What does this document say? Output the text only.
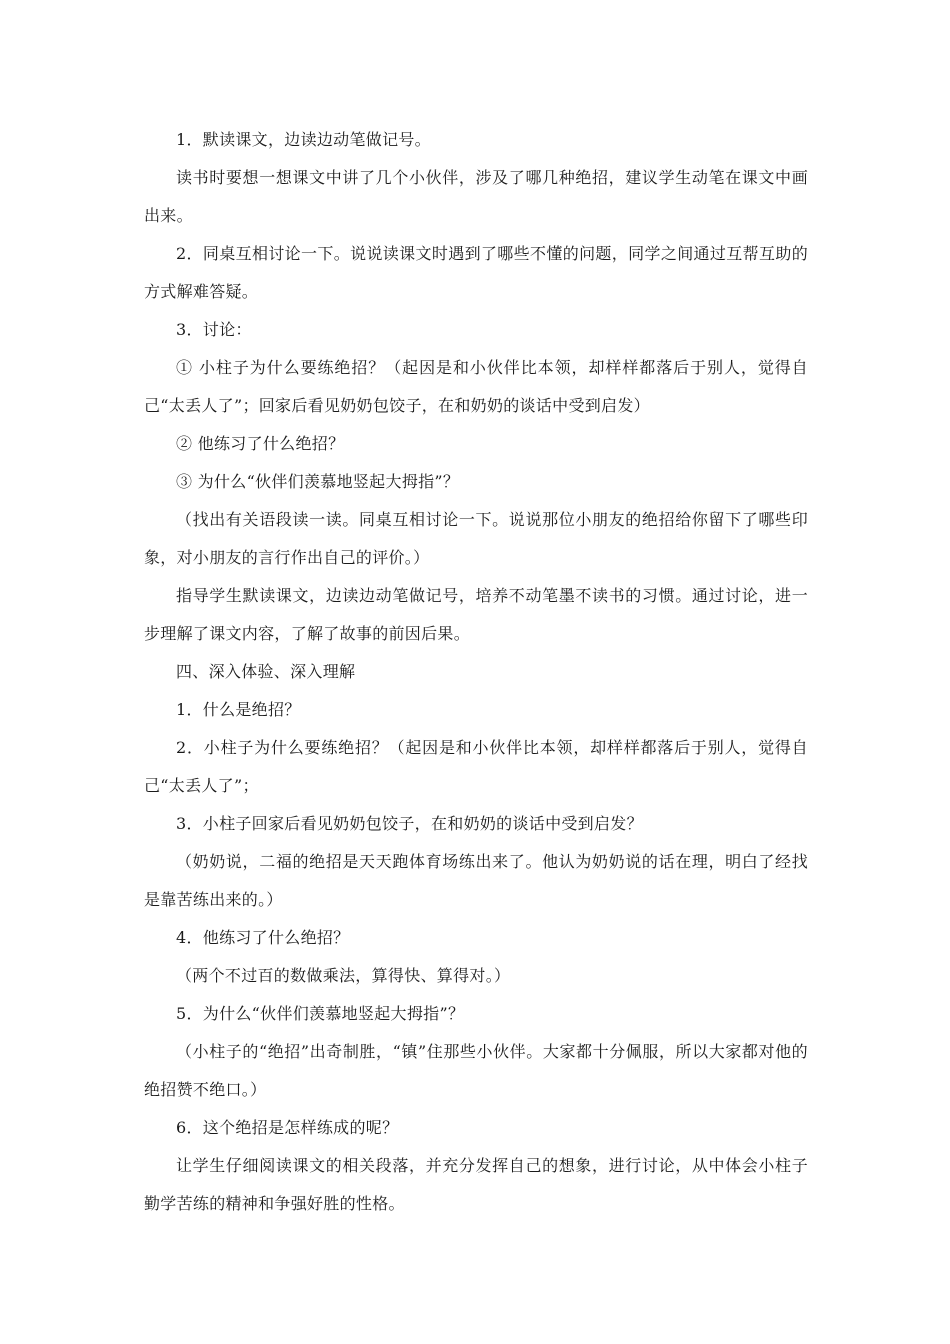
1．默读课文，边读边动笔做记号。

读书时要想一想课文中讲了几个小伙伴，涉及了哪几种绝招，建议学生动笔在课文中画出来。

2．同桌互相讨论一下。说说读课文时遇到了哪些不懂的问题，同学之间通过互帮互助的方式解难答疑。

3．讨论：

① 小柱子为什么要练绝招？（起因是和小伙伴比本领，却样样都落后于别人，觉得自己“太丢人了”；回家后看见奶奶包饺子，在和奶奶的谈话中受到启发）

② 他练习了什么绝招？

③ 为什么“伙伴们羡慕地竖起大拇指”？

（找出有关语段读一读。同桌互相讨论一下。说说那位小朋友的绝招给你留下了哪些印象，对小朋友的言行作出自己的评价。）

指导学生默读课文，边读边动笔做记号，培养不动笔墨不读书的习惯。通过讨论，进一步理解了课文内容，了解了故事的前因后果。

四、深入体验、深入理解

1．什么是绝招？

2．小柱子为什么要练绝招？（起因是和小伙伴比本领，却样样都落后于别人，觉得自己“太丢人了”；

3．小柱子回家后看见奶奶包饺子，在和奶奶的谈话中受到启发？

（奶奶说，二福的绝招是天天跑体育场练出来了。他认为奶奶说的话在理，明白了经找是靠苦练出来的。）

4．他练习了什么绝招？

（两个不过百的数做乘法，算得快、算得对。）

5．为什么“伙伴们羡慕地竖起大拇指”？

（小柱子的“绝招”出奇制胜，“镇”住那些小伙伴。大家都十分佩服，所以大家都对他的绝招赞不绝口。）

6．这个绝招是怎样练成的呢？

让学生仔细阅读课文的相关段落，并充分发挥自己的想象，进行讨论，从中体会小柱子勤学苦练的精神和争强好胜的性格。
